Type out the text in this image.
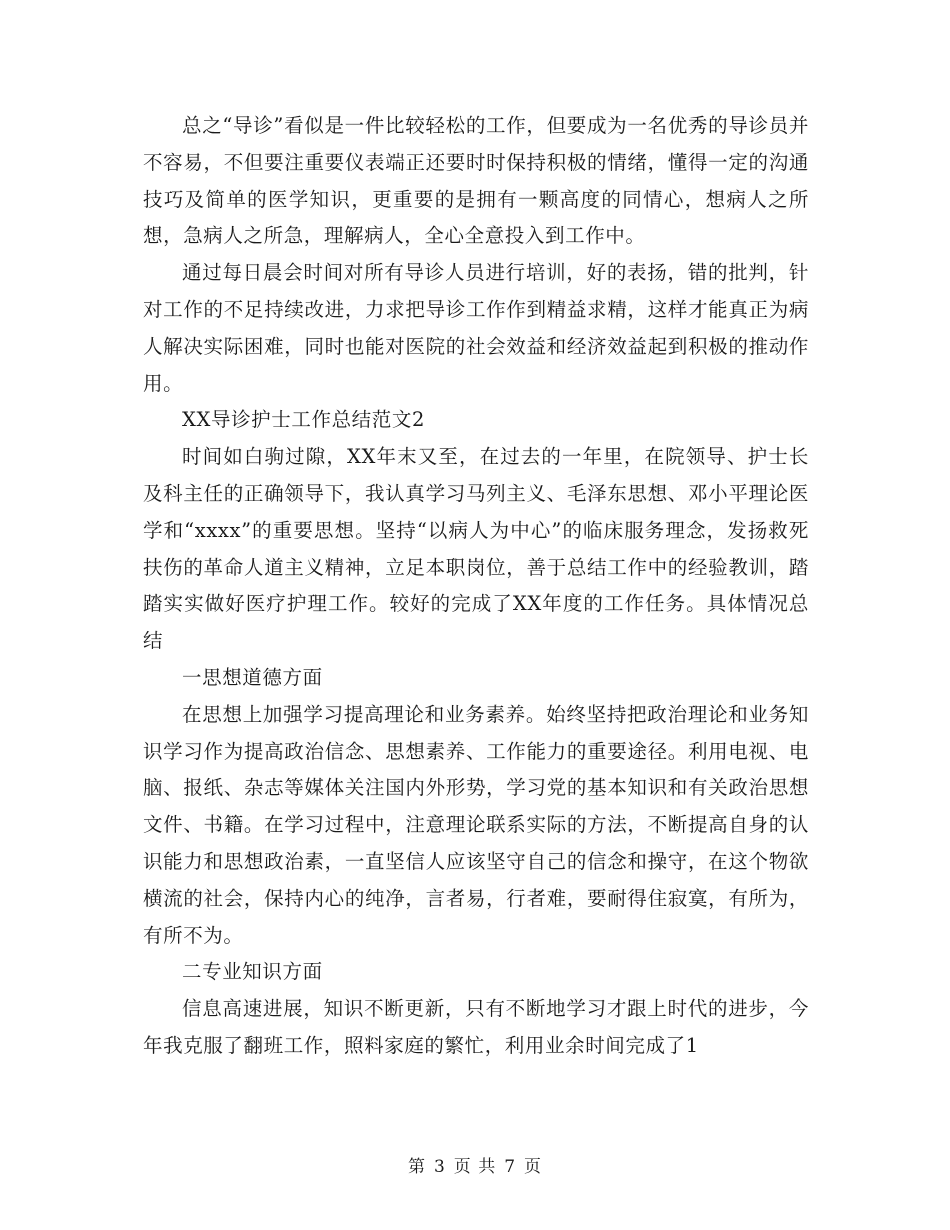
总之“导诊”看似是一件比较轻松的工作，但要成为一名优秀的导诊员并不容易，不但要注重要仪表端正还要时时保持积极的情绪，懂得一定的沟通技巧及简单的医学知识，更重要的是拥有一颗高度的同情心，想病人之所想，急病人之所急，理解病人，全心全意投入到工作中。

通过每日晨会时间对所有导诊人员进行培训，好的表扬，错的批判，针对工作的不足持续改进，力求把导诊工作作到精益求精，这样才能真正为病人解决实际困难，同时也能对医院的社会效益和经济效益起到积极的推动作用。

XX导诊护士工作总结范文2

时间如白驹过隙，XX年末又至，在过去的一年里，在院领导、护士长及科主任的正确领导下，我认真学习马列主义、毛泽东思想、邓小平理论医学和“xxxx”的重要思想。坚持“以病人为中心”的临床服务理念，发扬救死扶伤的革命人道主义精神，立足本职岗位，善于总结工作中的经验教训，踏踏实实做好医疗护理工作。较好的完成了XX年度的工作任务。具体情况总结

一思想道德方面

在思想上加强学习提高理论和业务素养。始终坚持把政治理论和业务知识学习作为提高政治信念、思想素养、工作能力的重要途径。利用电视、电脑、报纸、杂志等媒体关注国内外形势，学习党的基本知识和有关政治思想文件、书籍。在学习过程中，注意理论联系实际的方法，不断提高自身的认识能力和思想政治素，一直坚信人应该坚守自己的信念和操守，在这个物欲横流的社会，保持内心的纯净，言者易，行者难，要耐得住寂寞，有所为，有所不为。

二专业知识方面

信息高速进展，知识不断更新，只有不断地学习才跟上时代的进步，今年我克服了翻班工作，照料家庭的繁忙，利用业余时间完成了1

第 3 页 共 7 页
